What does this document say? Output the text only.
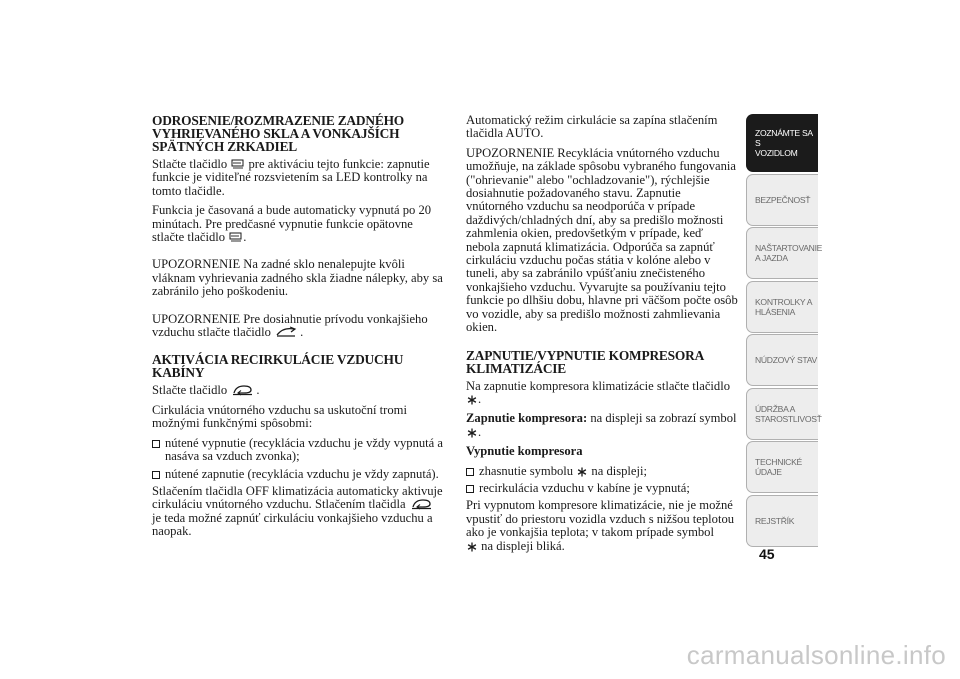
ODROSENIE/ROZMRAZENIE ZADNÉHO VYHRIEVANÉHO SKLA A VONKAJŠÍCH SPÄTNÝCH ZRKADIEL

Stlačte tlačidlo pre aktiváciu tejto funkcie: zapnutie funkcie je viditeľné rozsvietením sa LED kontrolky na tomto tlačidle.

Funkcia je časovaná a bude automaticky vypnutá po 20 minútach. Pre predčasné vypnutie funkcie opätovne stlačte tlačidlo .

UPOZORNENIE Na zadné sklo nenalepujte kvôli vláknam vyhrievania zadného skla žiadne nálepky, aby sa zabránilo jeho poškodeniu.

UPOZORNENIE Pre dosiahnutie prívodu vonkajšieho vzduchu stlačte tlačidlo .

AKTIVÁCIA RECIRKULÁCIE VZDUCHU KABÍNY

Stlačte tlačidlo .

Cirkulácia vnútorného vzduchu sa uskutoční tromi možnými funkčnými spôsobmi:

nútené vypnutie (recyklácia vzduchu je vždy vypnutá a nasáva sa vzduch zvonka);
nútené zapnutie (recyklácia vzduchu je vždy zapnutá).

Stlačením tlačidla OFF klimatizácia automaticky aktivuje cirkuláciu vnútorného vzduchu. Stlačením tlačidla  je teda možné zapnúť cirkuláciu vonkajšieho vzduchu a naopak.

Automatický režim cirkulácie sa zapína stlačením tlačidla AUTO.

UPOZORNENIE Recyklácia vnútorného vzduchu umožňuje, na základe spôsobu vybraného fungovania ("ohrievanie" alebo "ochladzovanie"), rýchlejšie dosiahnutie požadovaného stavu. Zapnutie vnútorného vzduchu sa neodporúča v prípade daždivých/chladných dní, aby sa predišlo možnosti zahmlenia okien, predovšetkým v prípade, keď nebola zapnutá klimatizácia. Odporúča sa zapnúť cirkuláciu vzduchu počas státia v kolóne alebo v tuneli, aby sa zabránilo vpúšťaniu znečisteného vonkajšieho vzduchu. Vyvarujte sa používaniu tejto funkcie po dlhšiu dobu, hlavne pri väčšom počte osôb vo vozidle, aby sa predišlo možnosti zahmlievania okien.

ZAPNUTIE/VYPNUTIE KOMPRESORA KLIMATIZÁCIE

Na zapnutie kompresora klimatizácie stlačte tlačidlo .

Zapnutie kompresora: na displeji sa zobrazí symbol .

Vypnutie kompresora

zhasnutie symbolu na displeji;
recirkulácia vzduchu v kabíne je vypnutá;

Pri vypnutom kompresore klimatizácie, nie je možné vpustiť do priestoru vozidla vzduch s nižšou teplotou ako je vonkajšia teplota; v takom prípade symbol
na displeji bliká.

ZOZNÁMTE SA S
VOZIDLOM
BEZPEČNOSŤ
NAŠTARTOVANIE
A JAZDA
KONTROLKY A
HLÁSENIA
NÚDZOVÝ STAV
ÚDRŽBA A
STAROSTLIVOSŤ
TECHNICKÉ
ÚDAJE
REJSTŘÍK
45
carmanualsonline.info
